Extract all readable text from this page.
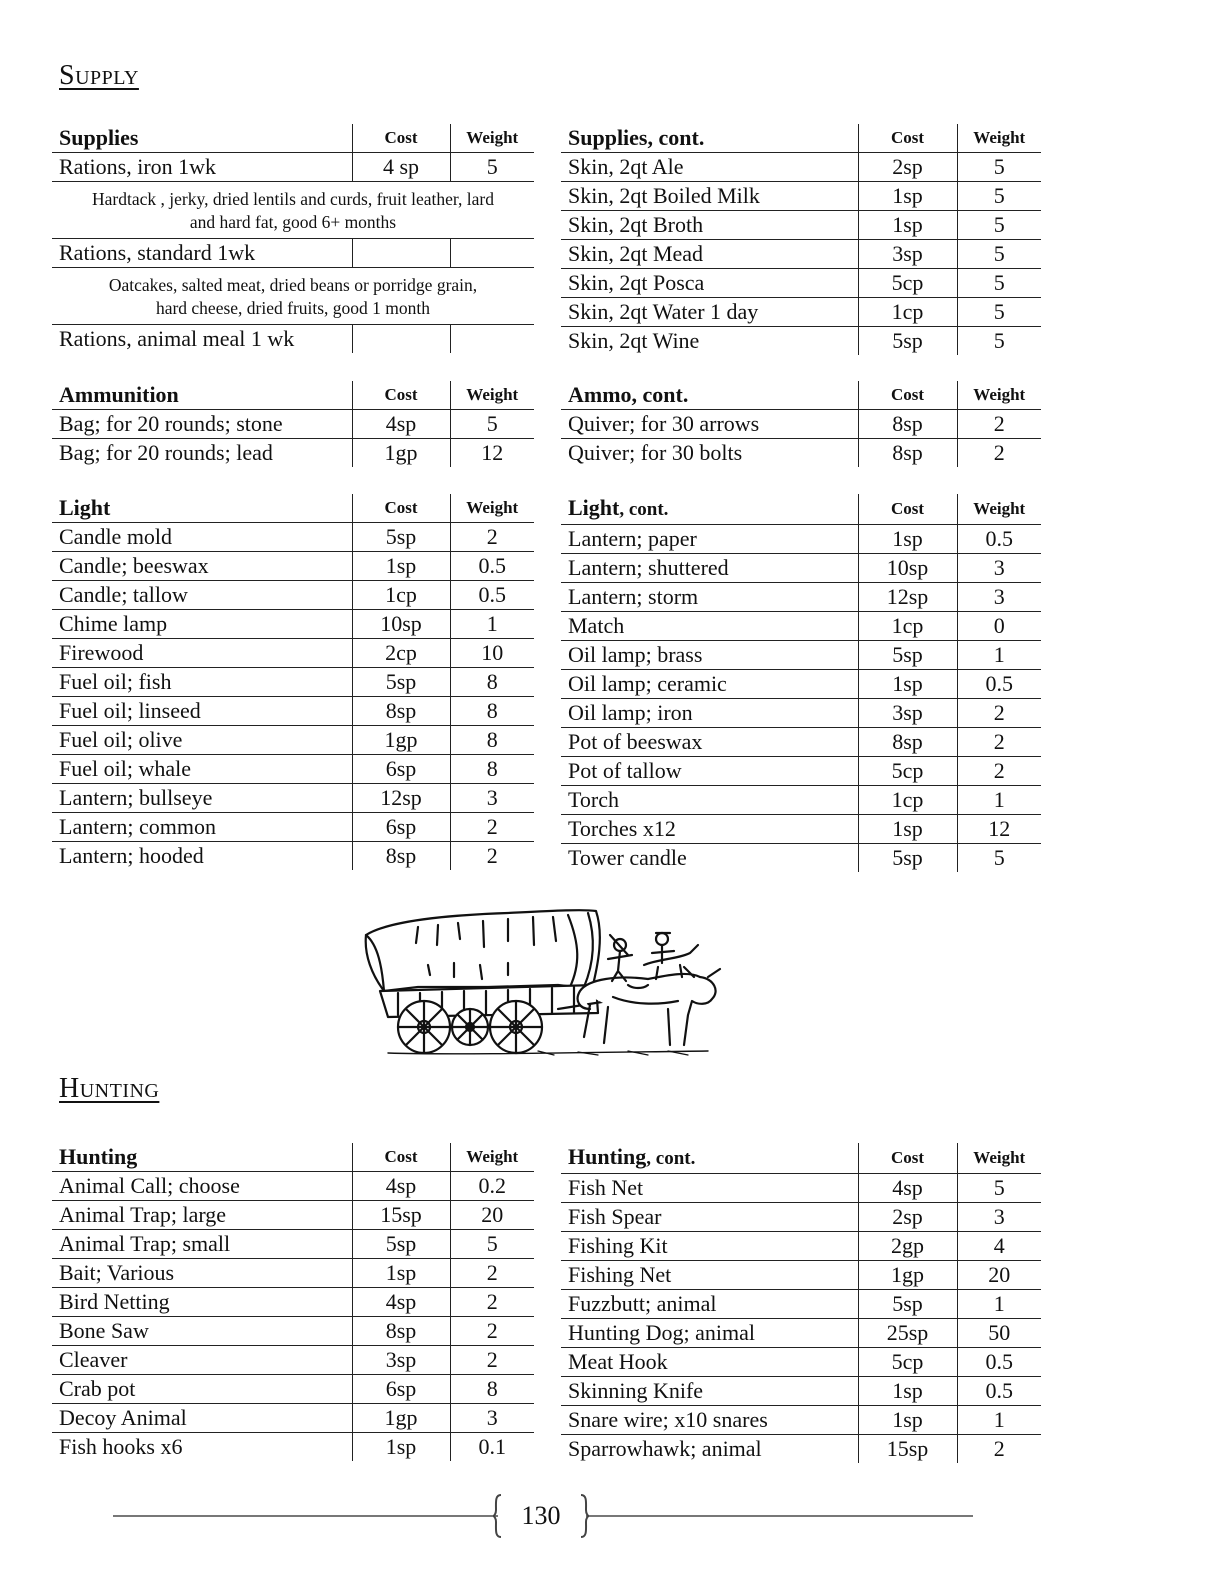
Supply
Supplies	Cost	Weight
Rations, iron 1wk	4 sp	5
Hardtack , jerky, dried lentils and curds, fruit leather, lard and hard fat, good 6+ months		
Rations, standard 1wk		
Oatcakes, salted meat, dried beans or porridge grain, hard cheese, dried fruits, good 1 month		
Rations, animal meal 1 wk		
Supplies, cont.	Cost	Weight
Skin, 2qt Ale	2sp	5
Skin, 2qt Boiled Milk	1sp	5
Skin, 2qt Broth	1sp	5
Skin, 2qt Mead	3sp	5
Skin, 2qt Posca	5cp	5
Skin, 2qt Water 1 day	1cp	5
Skin, 2qt Wine	5sp	5
Ammunition	Cost	Weight
Bag; for 20 rounds; stone	4sp	5
Bag; for 20 rounds; lead	1gp	12
Ammo, cont.	Cost	Weight
Quiver; for 30 arrows	8sp	2
Quiver; for 30 bolts	8sp	2
Light	Cost	Weight
Candle mold	5sp	2
Candle; beeswax	1sp	0.5
Candle; tallow	1cp	0.5
Chime lamp	10sp	1
Firewood	2cp	10
Fuel oil; fish	5sp	8
Fuel oil; linseed	8sp	8
Fuel oil; olive	1gp	8
Fuel oil; whale	6sp	8
Lantern; bullseye	12sp	3
Lantern; common	6sp	2
Lantern; hooded	8sp	2
Light, cont.	Cost	Weight
Lantern; paper	1sp	0.5
Lantern; shuttered	10sp	3
Lantern; storm	12sp	3
Match	1cp	0
Oil lamp; brass	5sp	1
Oil lamp; ceramic	1sp	0.5
Oil lamp; iron	3sp	2
Pot of beeswax	8sp	2
Pot of tallow	5cp	2
Torch	1cp	1
Torches x12	1sp	12
Tower candle	5sp	5
Hunting
Hunting	Cost	Weight
Animal Call; choose	4sp	0.2
Animal Trap; large	15sp	20
Animal Trap; small	5sp	5
Bait; Various	1sp	2
Bird Netting	4sp	2
Bone Saw	8sp	2
Cleaver	3sp	2
Crab pot	6sp	8
Decoy Animal	1gp	3
Fish hooks x6	1sp	0.1
Hunting, cont.	Cost	Weight
Fish Net	4sp	5
Fish Spear	2sp	3
Fishing Kit	2gp	4
Fishing Net	1gp	20
Fuzzbutt; animal	5sp	1
Hunting Dog; animal	25sp	50
Meat Hook	5cp	0.5
Skinning Knife	1sp	0.5
Snare wire; x10 snares	1sp	1
Sparrowhawk; animal	15sp	2
130
